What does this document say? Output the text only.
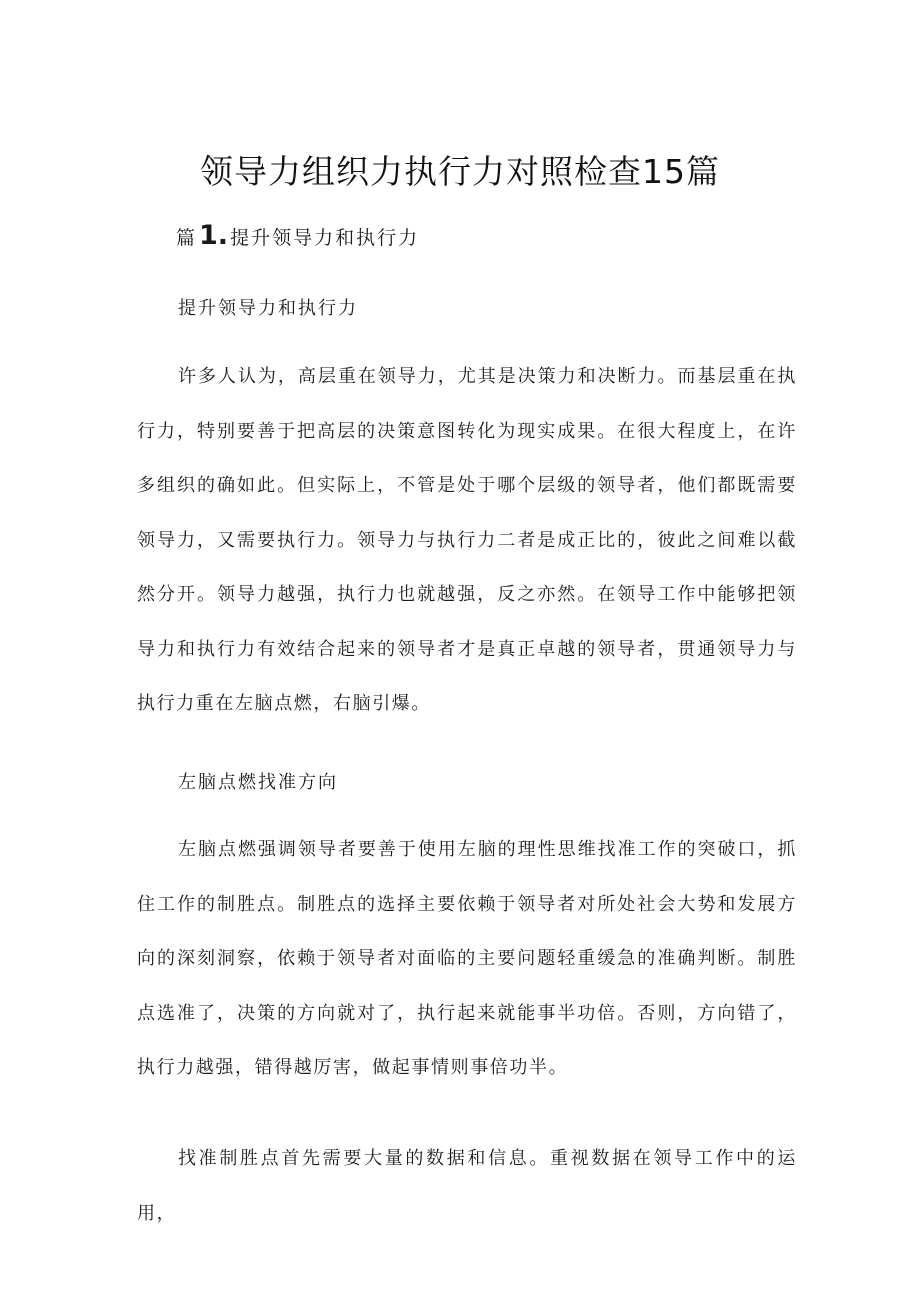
领导力组织力执行力对照检查15篇
篇1. 提升领导力和执行力
提升领导力和执行力

许多人认为，高层重在领导力，尤其是决策力和决断力。而基层重在执行力，特别要善于把高层的决策意图转化为现实成果。在很大程度上，在许多组织的确如此。但实际上，不管是处于哪个层级的领导者，他们都既需要领导力，又需要执行力。领导力与执行力二者是成正比的，彼此之间难以截然分开。领导力越强，执行力也就越强，反之亦然。在领导工作中能够把领导力和执行力有效结合起来的领导者才是真正卓越的领导者，贯通领导力与执行力重在左脑点燃，右脑引爆。

左脑点燃找准方向

左脑点燃强调领导者要善于使用左脑的理性思维找准工作的突破口，抓住工作的制胜点。制胜点的选择主要依赖于领导者对所处社会大势和发展方向的深刻洞察，依赖于领导者对面临的主要问题轻重缓急的准确判断。制胜点选准了，决策的方向就对了，执行起来就能事半功倍。否则，方向错了，执行力越强，错得越厉害，做起事情则事倍功半。

找准制胜点首先需要大量的数据和信息。重视数据在领导工作中的运用，
